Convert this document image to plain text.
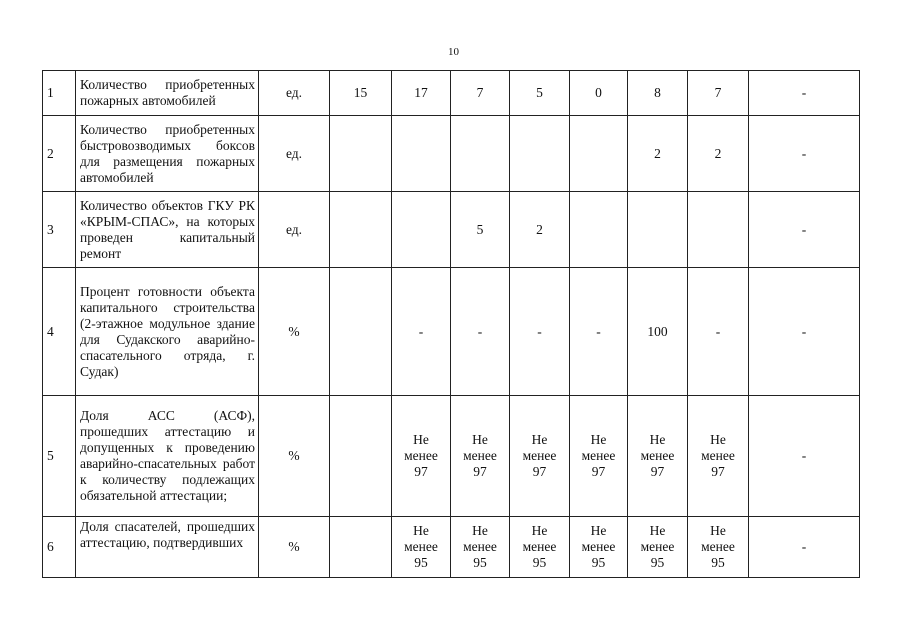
10
1	Количество приобретенных пожарных автомобилей	ед.	15	17	7	5	0	8	7	-
2	Количество приобретенных быстровозводимых боксов для размещения пожарных автомобилей	ед.						2	2	-
3	Количество объектов ГКУ РК «КРЫМ-СПАС», на которых проведен капитальный ремонт	ед.			5	2				-
4	Процент готовности объекта капитального строительства (2-этажное модульное здание для Судакского аварийно-спасательного отряда, г. Судак)	%		-	-	-	-	100	-	-
5	Доля АСС (АСФ), прошедших аттестацию и допущенных к проведению аварийно-спасательных работ к количеству подлежащих обязательной аттестации;	%		Не
менее
97	Не
менее
97	Не
менее
97	Не
менее
97	Не
менее
97	Не
менее
97	-
6	Доля спасателей, прошедших аттестацию, подтвердивших	%		Не
менее
95	Не
менее
95	Не
менее
95	Не
менее
95	Не
менее
95	Не
менее
95	-
